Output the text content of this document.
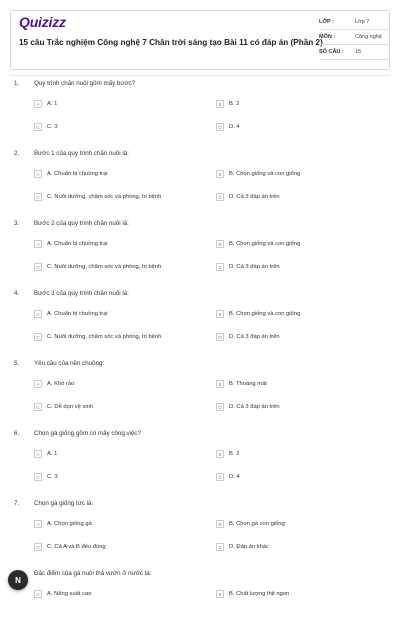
Quizizz
15 câu Trắc nghiệm Công nghệ 7 Chân trời sáng tạo Bài 11 có đáp án (Phần 2)
LỚP :	Lớp 7
MÔN :	Công nghệ
SỐ CÂU :	15
1. Quy trình chăn nuôi gồm mấy bước?
A	A. 1	B	B. 2
C	C. 3	D	D. 4
2. Bước 1 của quy trình chăn nuôi là:
A	A. Chuẩn bị chuồng trại	B	B. Chọn giống và con giống
C	C. Nuôi dưỡng, chăm sóc và phòng, trị bệnh	D	D. Cả 3 đáp án trên
3. Bước 2 của quy trình chăn nuôi là:
A	A. Chuẩn bị chuồng trại	B	B. Chọn giống và con giống
C	C. Nuôi dưỡng, chăm sóc và phòng, trị bệnh	D	D. Cả 3 đáp án trên
4. Bước 3 của quy trình chăn nuôi là:
A	A. Chuẩn bị chuồng trại	B	B. Chọn giống và con giống
C	C. Nuôi dưỡng, chăm sóc và phòng, trị bệnh	D	D. Cả 3 đáp án trên
5. Yêu cầu của nền chuồng:
A	A. Khô ráo	B	B. Thoáng mát
C	C. Dễ dọn vệ sinh	D	D. Cả 3 đáp án trên
6. Chọn gà giống gồm có mấy công việc?
A	A. 1	B	B. 2
C	C. 3	D	D. 4
7. Chọn gà giống tức là:
A	A. Chọn giống gà	B	B. Chọn gà con giống
C	C. Cả A và B đều đúng	D	D. Đáp án khác
Đặc điểm của gà nuôi thả vườn ở nước ta:
A	A. Năng suất cao	B	B. Chất lượng thịt ngon
N
